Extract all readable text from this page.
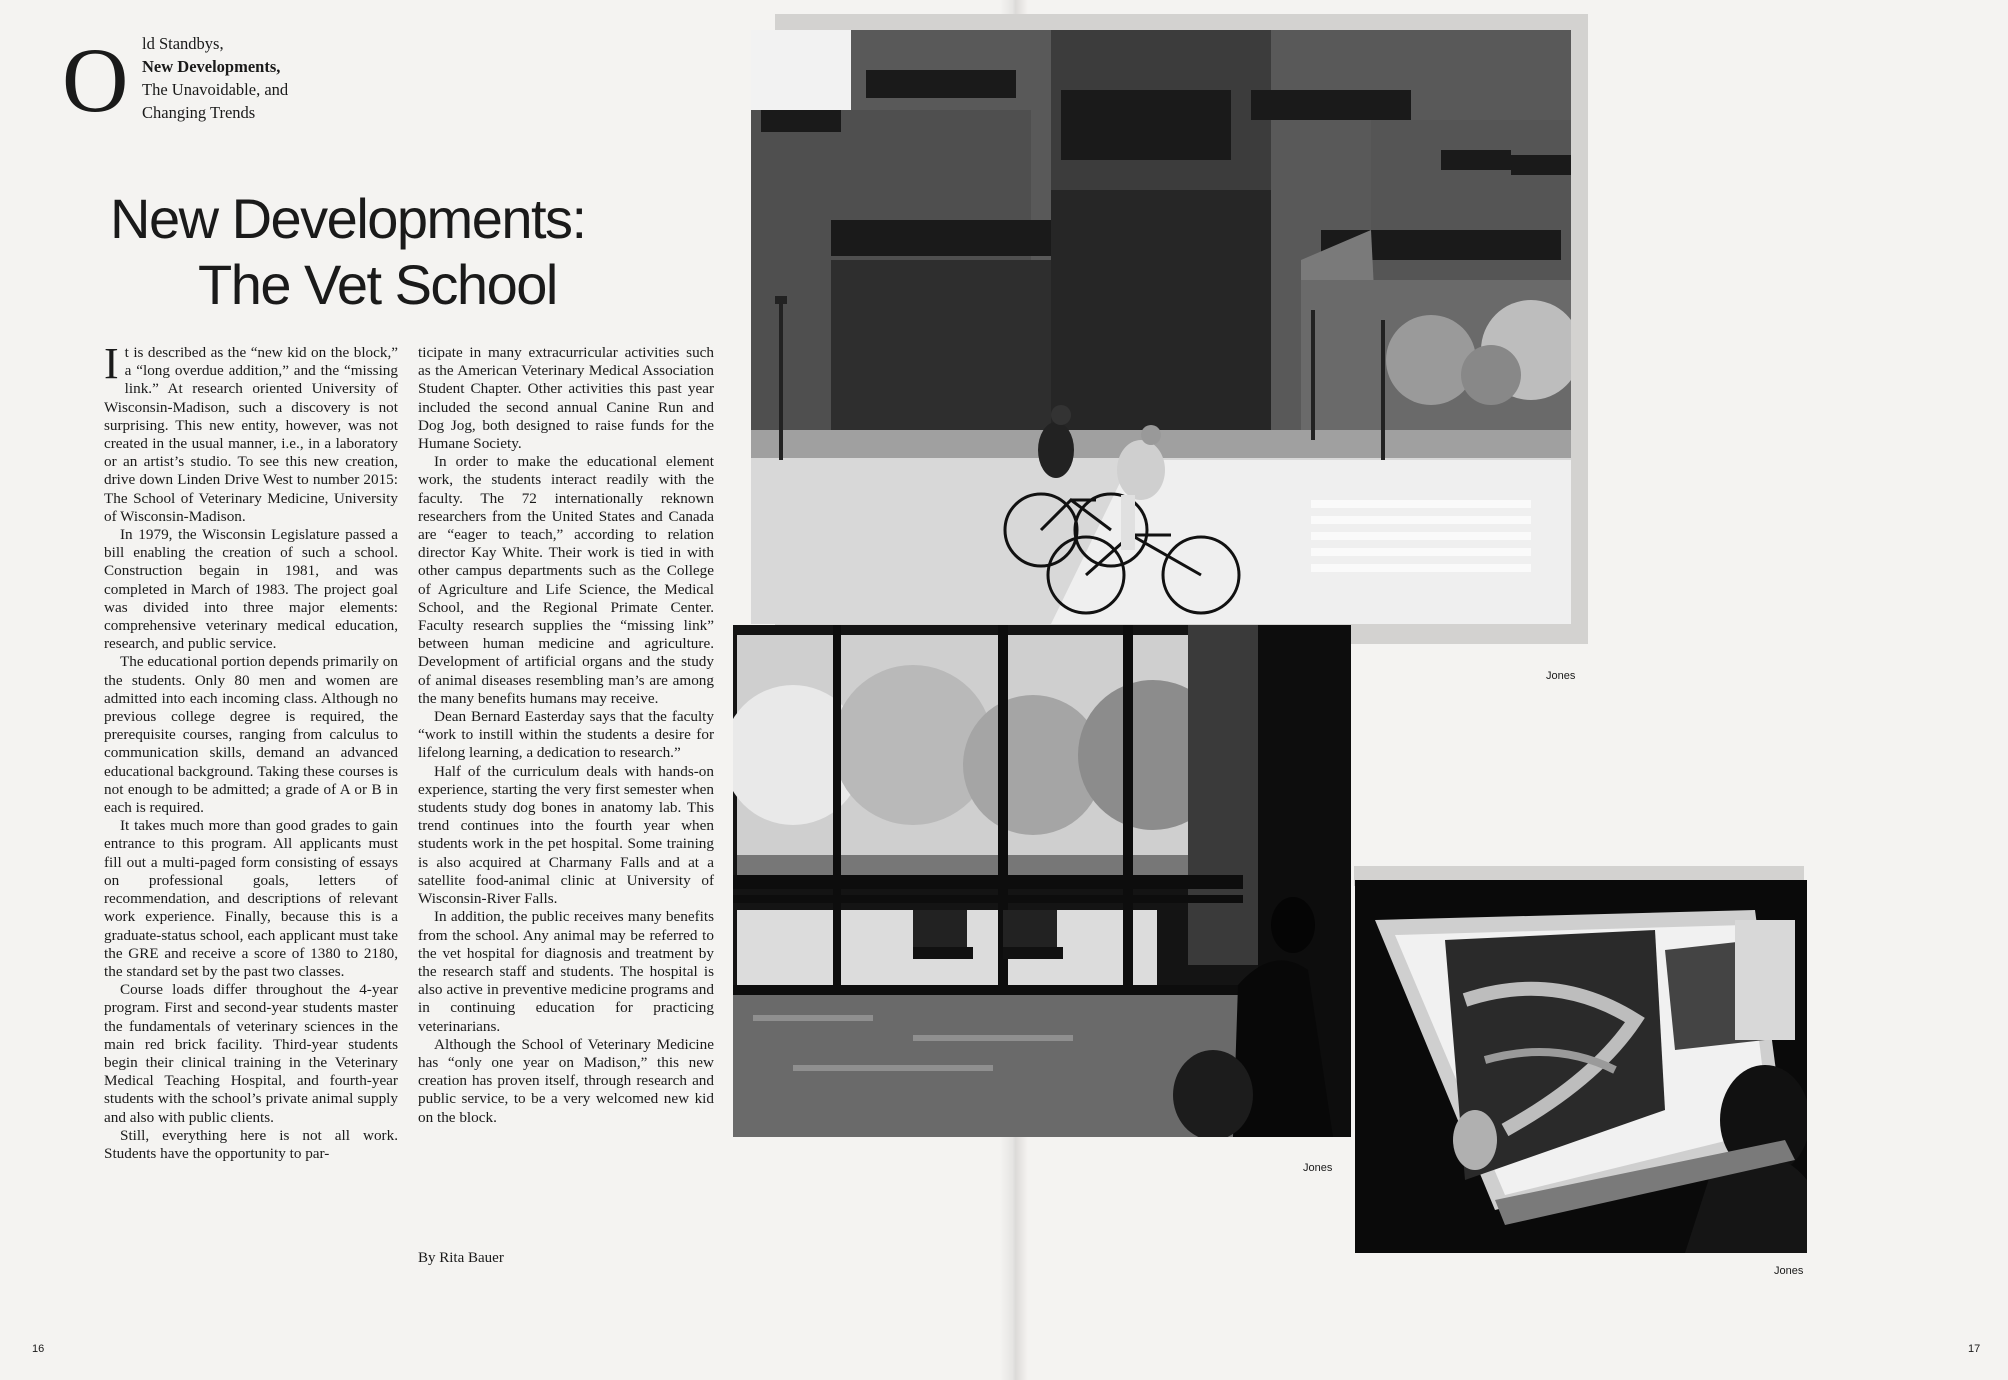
O ld Standbys,
New Developments,
The Unavoidable, and
Changing Trends
New Developments:
The Vet School

It is described as the “new kid on the block,” a “long overdue addition,” and the “missing link.” At research oriented University of Wisconsin-Madison, such a discovery is not surprising. This new entity, however, was not created in the usual manner, i.e., in a laboratory or an artist’s studio. To see this new creation, drive down Linden Drive West to number 2015: The School of Veterinary Medicine, University of Wisconsin-Madison.

In 1979, the Wisconsin Legislature passed a bill enabling the creation of such a school. Construction begain in 1981, and was completed in March of 1983. The project goal was divided into three major elements: comprehensive veterinary medical education, research, and public service.

The educational portion depends primarily on the students. Only 80 men and women are admitted into each incoming class. Although no previous college degree is required, the prerequisite courses, ranging from calculus to communication skills, demand an advanced educational background. Taking these courses is not enough to be admitted; a grade of A or B in each is required.

It takes much more than good grades to gain entrance to this program. All applicants must fill out a multi-paged form consisting of essays on professional goals, letters of recommendation, and descriptions of relevant work experience. Finally, because this is a graduate-status school, each applicant must take the GRE and receive a score of 1380 to 2180, the standard set by the past two classes.

Course loads differ throughout the 4-year program. First and second-year students master the fundamentals of veterinary sciences in the main red brick facility. Third-year students begin their clinical training in the Veterinary Medical Teaching Hospital, and fourth-year students with the school’s private animal supply and also with public clients.

Still, everything here is not all work. Students have the opportunity to par-

ticipate in many extracurricular activities such as the American Veterinary Medical Association Student Chapter. Other activities this past year included the second annual Canine Run and Dog Jog, both designed to raise funds for the Humane Society.

In order to make the educational element work, the students interact readily with the faculty. The 72 internationally reknown researchers from the United States and Canada are “eager to teach,” according to relation director Kay White. Their work is tied in with other campus departments such as the College of Agriculture and Life Science, the Medical School, and the Regional Primate Center. Faculty research supplies the “missing link” between human medicine and agriculture. Development of artificial organs and the study of animal diseases resembling man’s are among the many benefits humans may receive.

Dean Bernard Easterday says that the faculty “work to instill within the students a desire for lifelong learning, a dedication to research.”

Half of the curriculum deals with hands-on experience, starting the very first semester when students study dog bones in anatomy lab. This trend continues into the fourth year when students work in the pet hospital. Some training is also acquired at Charmany Falls and at a satellite food-animal clinic at University of Wisconsin-River Falls.

In addition, the public receives many benefits from the school. Any animal may be referred to the vet hospital for diagnosis and treatment by the research staff and students. The hospital is also active in preventive medicine programs and in continuing education for practicing veterinarians.

Although the School of Veterinary Medicine has “only one year on Madison,” this new creation has proven itself, through research and public service, to be a very welcomed new kid on the block.

By Rita Bauer
16	17
Jones
Jones
Jones
